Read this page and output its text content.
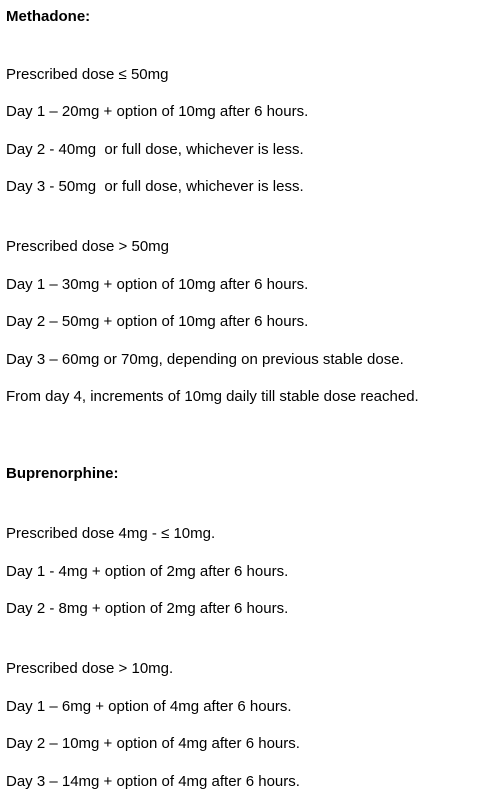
Methadone:
Prescribed dose ≤ 50mg
Day 1 – 20mg + option of 10mg after 6 hours.
Day 2 - 40mg  or full dose, whichever is less.
Day 3 - 50mg  or full dose, whichever is less.
Prescribed dose > 50mg
Day 1 – 30mg + option of 10mg after 6 hours.
Day 2 – 50mg + option of 10mg after 6 hours.
Day 3 – 60mg or 70mg, depending on previous stable dose.
From day 4, increments of 10mg daily till stable dose reached.
Buprenorphine:
Prescribed dose 4mg - ≤ 10mg.
Day 1 - 4mg + option of 2mg after 6 hours.
Day 2 - 8mg + option of 2mg after 6 hours.
Prescribed dose > 10mg.
Day 1 – 6mg + option of 4mg after 6 hours.
Day 2 – 10mg + option of 4mg after 6 hours.
Day 3 – 14mg + option of 4mg after 6 hours.
